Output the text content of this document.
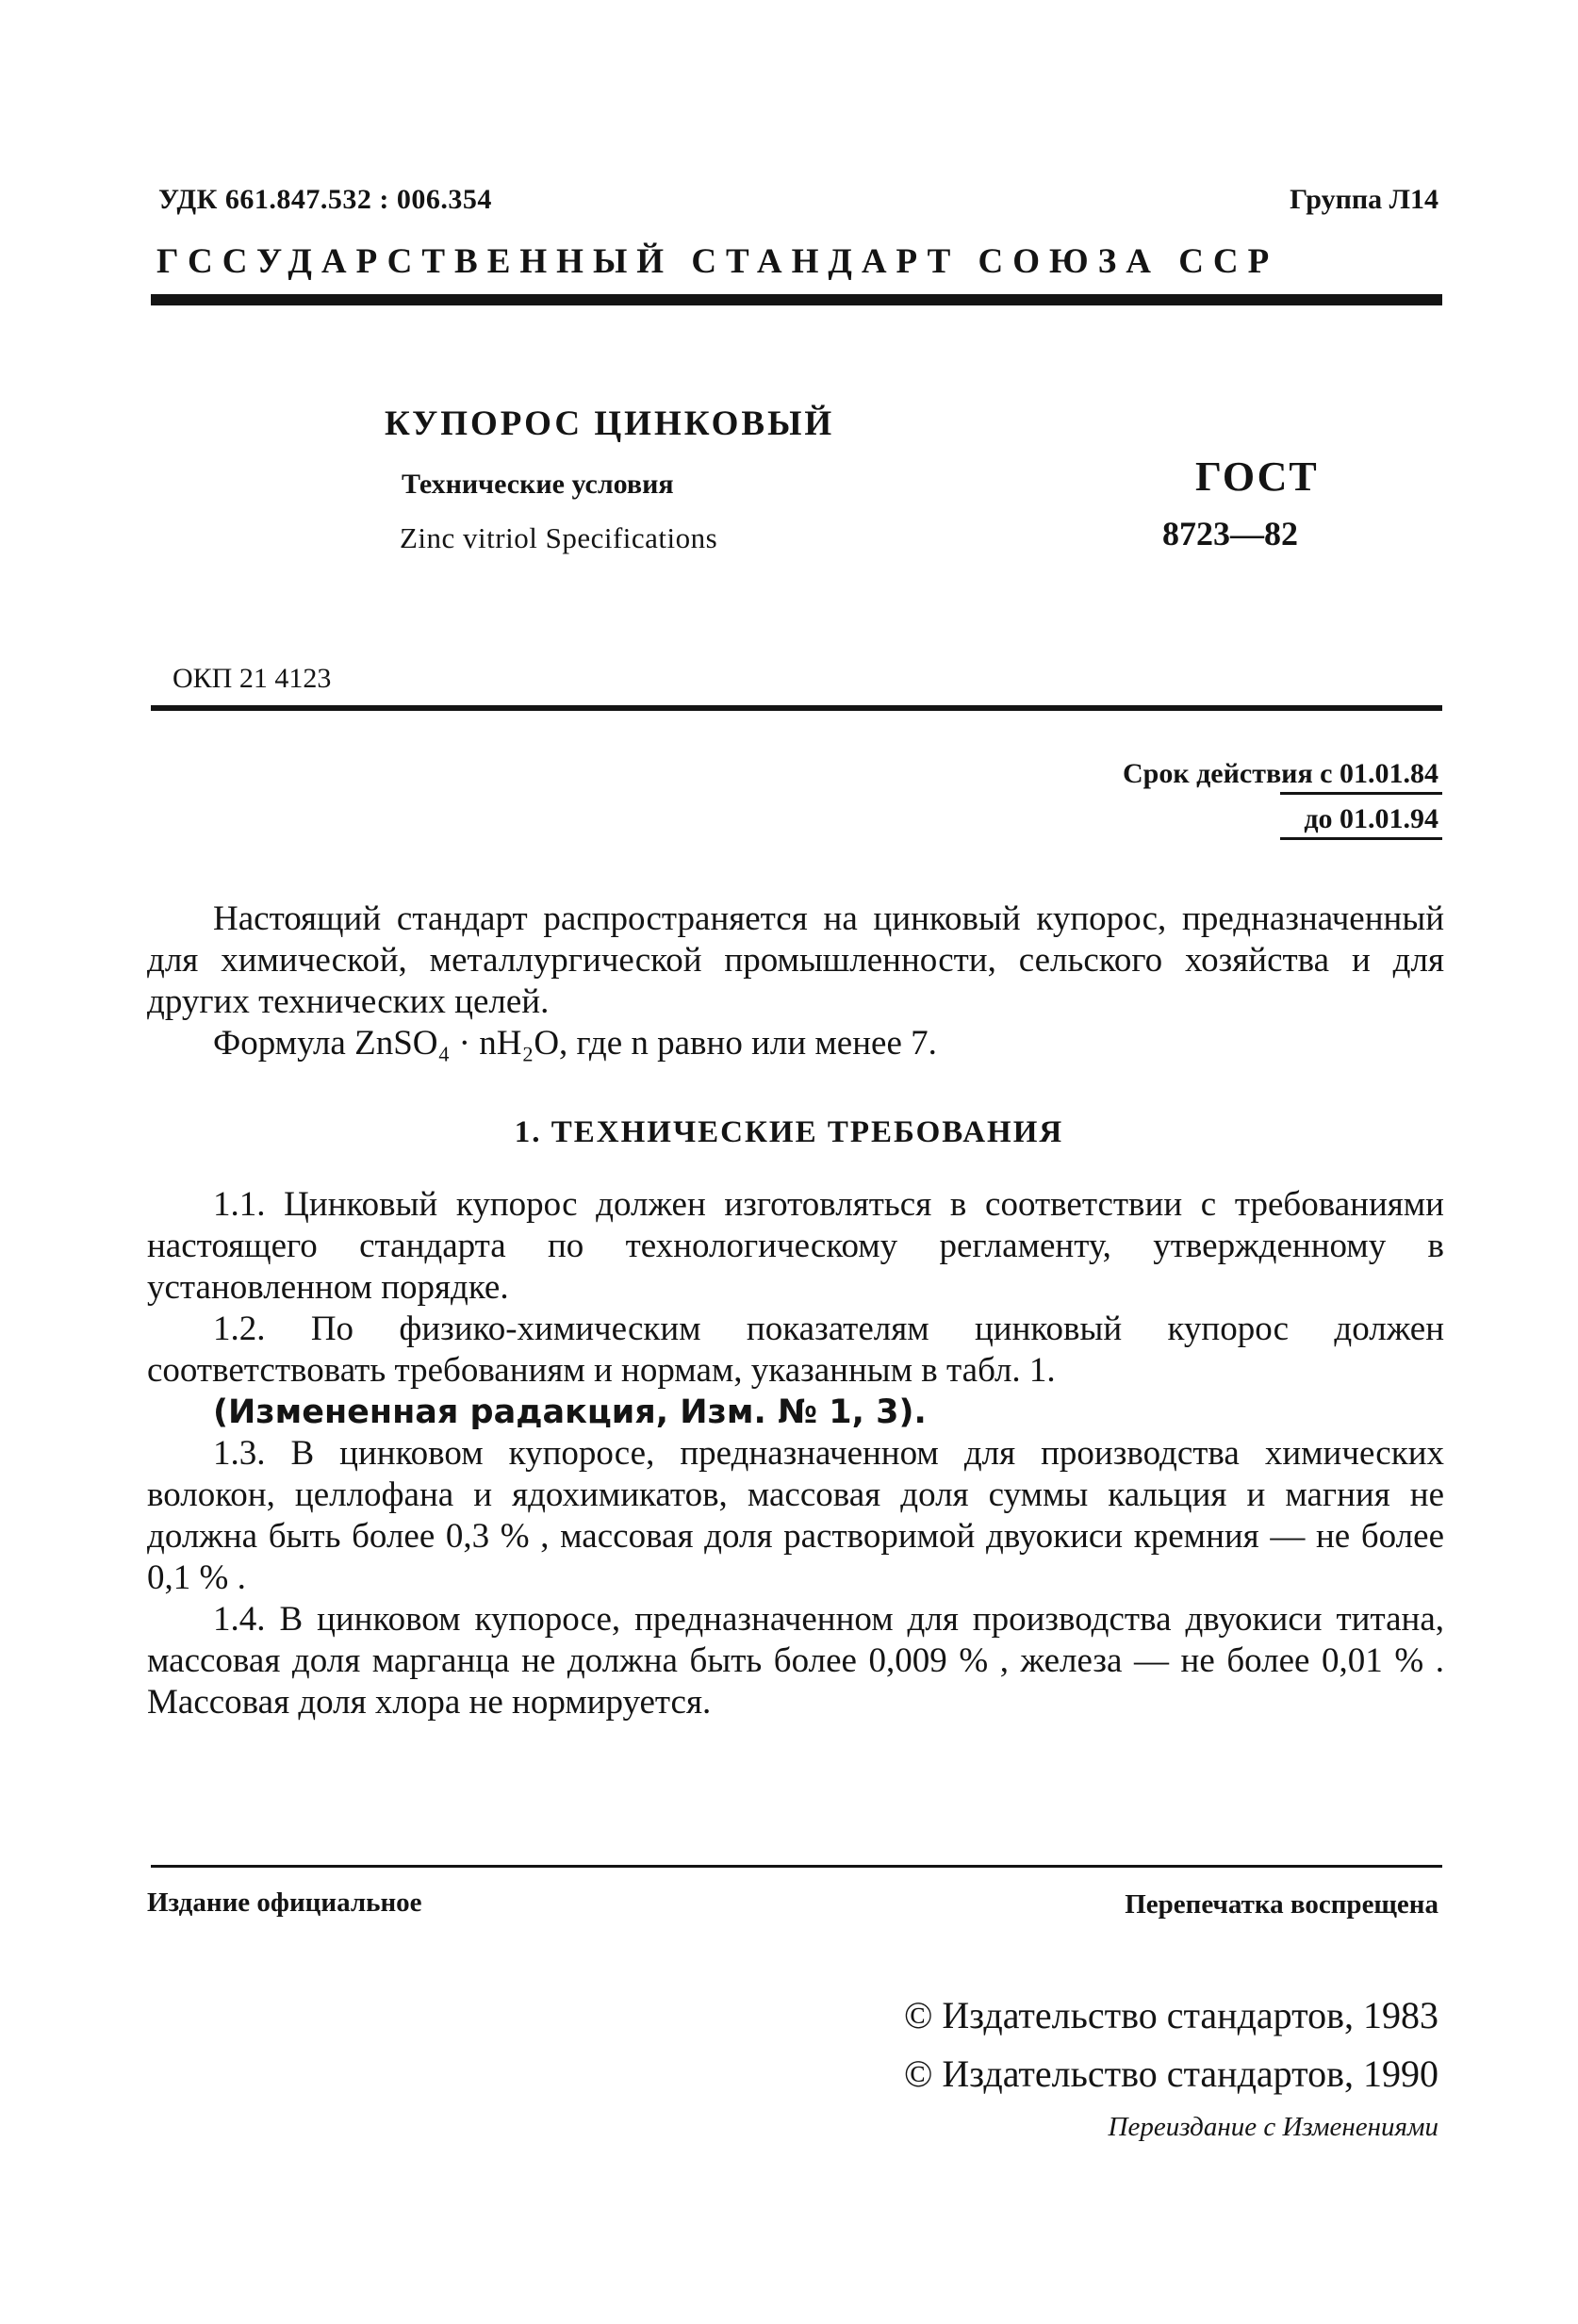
УДК 661.847.532 : 006.354	Группа Л14
ГССУДАРСТВЕННЫЙ СТАНДАРТ СОЮЗА ССР
КУПОРОС ЦИНКОВЫЙ
Технические условия
Zinc vitriol Specifications
ГОСТ
8723—82
ОКП 21 4123
Срок действия с 01.01.84
до 01.01.94

Настоящий стандарт распространяется на цинковый купорос, предназначенный для химической, металлургической промышленности, сельского хозяйства и для других технических целей.

Формула ZnSO₄ · nH₂O, где n равно или менее 7.

1. ТЕХНИЧЕСКИЕ ТРЕБОВАНИЯ

1.1. Цинковый купорос должен изготовляться в соответствии с требованиями настоящего стандарта по технологическому регламенту, утвержденному в установленном порядке.

1.2. По физико-химическим показателям цинковый купорос должен соответствовать требованиям и нормам, указанным в табл. 1.

(Измененная радакция, Изм. № 1, 3).

1.3. В цинковом купоросе, предназначенном для производства химических волокон, целлофана и ядохимикатов, массовая доля суммы кальция и магния не должна быть более 0,3 % , массовая доля растворимой двуокиси кремния — не более 0,1 % .

1.4. В цинковом купоросе, предназначенном для производства двуокиси титана, массовая доля марганца не должна быть более 0,009 % , железа — не более 0,01 % . Массовая доля хлора не нормируется.

Издание официальное	Перепечатка воспрещена
© Издательство стандартов, 1983
© Издательство стандартов, 1990
Переиздание с Изменениями
